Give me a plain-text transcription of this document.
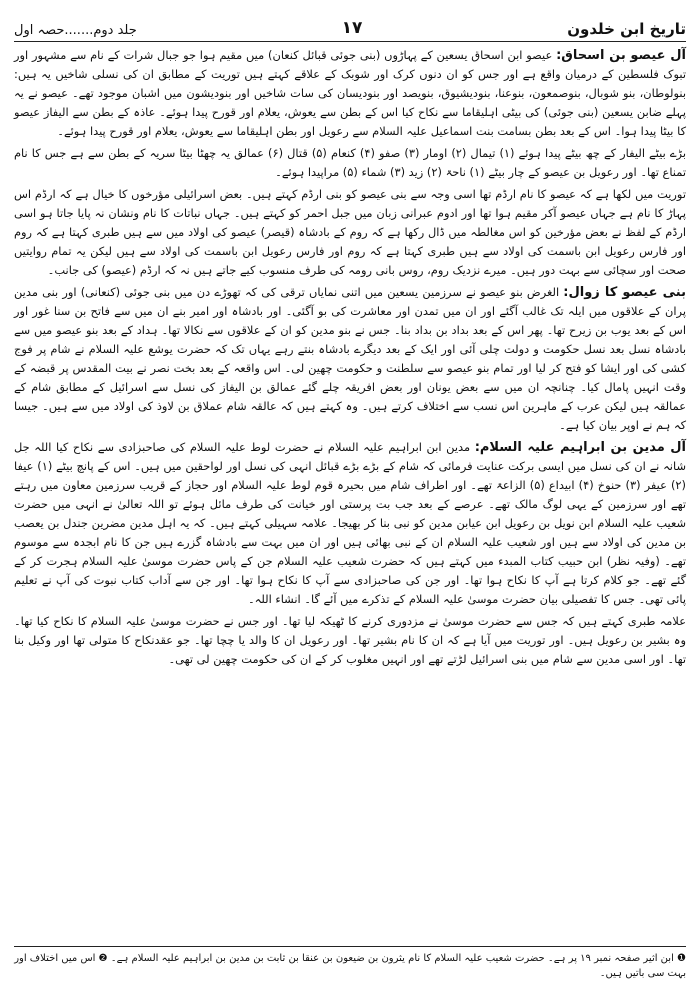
تاریخ ابن خلدون
۱۷
جلد دوم.......حصہ اول

آل عیصو بن اسحاق: عیصو ابن اسحاق یسعین کے پہاڑوں (بنی جوئی قبائل کنعان) میں مقیم ہوا جو جبال شرات کے نام سے مشہور اور تبوک فلسطین کے درمیان واقع ہے اور جس کو ان دنوں کرک اور شوبک کے علاقے کہتے ہیں توریت کے مطابق ان کی نسلی شاخیں یہ ہیں: بنولوطان، بنو شوبال، بنوصمعون، بنوعنا، بنودیشیوق، بنویصد اور بنودیسان کی سات شاخیں اور بنودیشون میں اشبان موجود تھے۔ عیصو نے یہ پہلے ضابن یسعین (بنی جوئی) کی بیٹی اہلیقاما سے نکاح کیا اس کے بطن سے یعوش، یعلام اور قورح پیدا ہوئے۔ عاذہ کے بطن سے الیفاز عیصو کا بیٹا پیدا ہوا۔ اس کے بعد بطن بسامت بنت اسماعیل علیہ السلام سے رعویل اور بطن اہلیقاما سے یعوش، یعلام اور قورح پیدا ہوئے۔

بڑے بیٹے الیفار کے چھ بیٹے پیدا ہوئے (۱) تیمال (۲) اومار (۳) صفو (۴) کنعام (۵) قتال (۶) عمالق یہ چھٹا بیٹا سریہ کے بطن سے ہے جس کا نام تمناع تھا۔ اور رعویل بن عیصو کے چار بیٹے (۱) ناحۃ (۲) زید (۳) شماء (۵) مراپیدا ہوئے۔

توریت میں لکھا ہے کہ عیصو کا نام ارڈم تھا اسی وجہ سے بنی عیصو کو بنی ارڈم کہتے ہیں۔ بعض اسرائیلی مؤرخوں کا خیال ہے کہ ارڈم اس پہاڑ کا نام ہے جہاں عیصو آکر مقیم ہوا تھا اور ادوم عبرانی زبان میں جبل احمر کو کہتے ہیں۔ جہاں نباتات کا نام ونشان نہ پایا جاتا ہو اسی ارڈم کے لفظ نے بعض مؤرخین کو اس مغالطہ میں ڈال رکھا ہے کہ روم کے بادشاہ (قیصر) عیصو کی اولاد میں سے ہیں طبری کہتا ہے کہ روم اور فارس رعویل ابن باسمت کی اولاد سے ہیں طبری کہتا ہے کہ روم اور فارس رعویل ابن باسمت کی اولاد سے ہیں لیکن یہ تمام روایتیں صحت اور سچائی سے بہت دور ہیں۔ میرے نزدیک روم، روس بانی رومہ کی طرف منسوب کیے جاتے ہیں نہ کہ ارڈم (عیصو) کی جانب۔

بنی عیصو کا زوال: الغرض بنو عیصو نے سرزمین یسعین میں اتنی نمایاں ترقی کی کہ تھوڑے دن میں بنی جوئی (کنعانی) اور بنی مدین پران کے علاقوں میں ایلہ تک غالب آگئے اور ان میں تمدن اور معاشرت کی بو آگئی۔ اور بادشاہ اور امیر بنے ان میں سے فاتح بن سنا غور اور اس کے بعد یوب بن زیرح تھا۔ پھر اس کے بعد بداد بن بداد بنا۔ جس نے بنو مدین کو ان کے علاقوں سے نکالا تھا۔ ہداد کے بعد بنو عیصو میں سے بادشاہ نسل بعد نسل حکومت و دولت چلی آئی اور ایک کے بعد دیگرے بادشاہ بنتے رہے یہاں تک کہ حضرت یوشع علیہ السلام نے شام پر فوج کشی کی اور ایشا کو فتح کر لیا اور تمام بنو عیصو سے سلطنت و حکومت چھین لی۔ اس واقعہ کے بعد بخت نصر نے بیت المقدس پر قبضہ کے وقت انہیں پامال کیا۔ چنانچہ ان میں سے بعض یونان اور بعض افریقہ چلے گئے عمالق بن الیفاز کی نسل سے اسرائیل کے مطابق شام کے عمالقہ ہیں لیکن عرب کے ماہرین اس نسب سے اختلاف کرتے ہیں۔ وہ کہتے ہیں کہ عالقہ شام عملاق بن لاوذ کی اولاد میں سے ہیں۔ جیسا کہ ہم نے اوپر بیان کیا ہے۔

آل مدین بن ابراہیم علیہ السلام: مدین ابن ابراہیم علیہ السلام نے حضرت لوط علیہ السلام کی صاحبزادی سے نکاح کیا اللہ جل شانہ نے ان کی نسل میں ایسی برکت عنایت فرمائی کہ شام کے بڑے بڑے قبائل انہی کی نسل اور لواحقین میں ہیں۔ اس کے پانچ بیٹے (۱) عیفا (۲) عیفر (۳) حنوخ (۴) ابیداع (۵) الزاعۃ تھے۔ اور اطراف شام میں بحیرہ قوم لوط علیہ السلام اور حجاز کے قریب سرزمین معاون میں رہتے تھے اور سرزمین کے یہی لوگ مالک تھے۔ عرصے کے بعد جب بت پرستی اور خیانت کی طرف مائل ہوئے تو اللہ تعالیٰ نے انہی میں حضرت شعیب علیہ السلام ابن نویل بن رعویل ابن عیابن مدین کو نبی بنا کر بھیجا۔ علامہ سہیلی کہتے ہیں۔ کہ یہ اہل مدین مضرین جندل بن یعصب بن مدین کی اولاد سے ہیں اور شعیب علیہ السلام ان کے نبی بھائی ہیں اور ان میں بہت سے بادشاہ گزرے ہیں جن کا نام ابجدہ سے موسوم تھے۔ (وفیہ نظر) ابن حبیب کتاب المبدء میں کہتے ہیں کہ حضرت شعیب علیہ السلام جن کے پاس حضرت موسیٰ علیہ السلام ہجرت کر کے گئے تھے۔ جو کلام کرتا ہے آپ کا نکاح ہوا تھا۔ اور جن کی صاحبزادی سے آپ کا نکاح ہوا تھا۔ اور جن سے آداب کتاب نبوت کی آپ نے تعلیم پائی تھی۔ جس کا تفصیلی بیان حضرت موسیٰ علیہ السلام کے تذکرے میں آئے گا۔ انشاء اللہ۔

علامہ طبری کہتے ہیں کہ جس سے حضرت موسیٰ نے مزدوری کرنے کا ٹھیکہ لیا تھا۔ اور جس نے حضرت موسیٰ علیہ السلام کا نکاح کیا تھا۔ وہ بشیر بن رعویل ہیں۔ اور توریت میں آیا ہے کہ ان کا نام بشیر تھا۔ اور رعویل ان کا والد یا چچا تھا۔ جو عقدنکاح کا متولی تھا اور وکیل بنا تھا۔ اور اسی مدین سے شام میں بنی اسرائیل لڑتے تھے اور انہیں مغلوب کر کے ان کی حکومت چھین لی تھی۔

❶ ابن اثیر صفحہ نمبر ۱۹ پر ہے۔ حضرت شعیب علیہ السلام کا نام یثرون بن ضیعون بن عنقا بن ثابت بن مدین بن ابراہیم علیہ السلام ہے۔ ❷ اس میں اختلاف اور بہت سی باتیں ہیں۔
